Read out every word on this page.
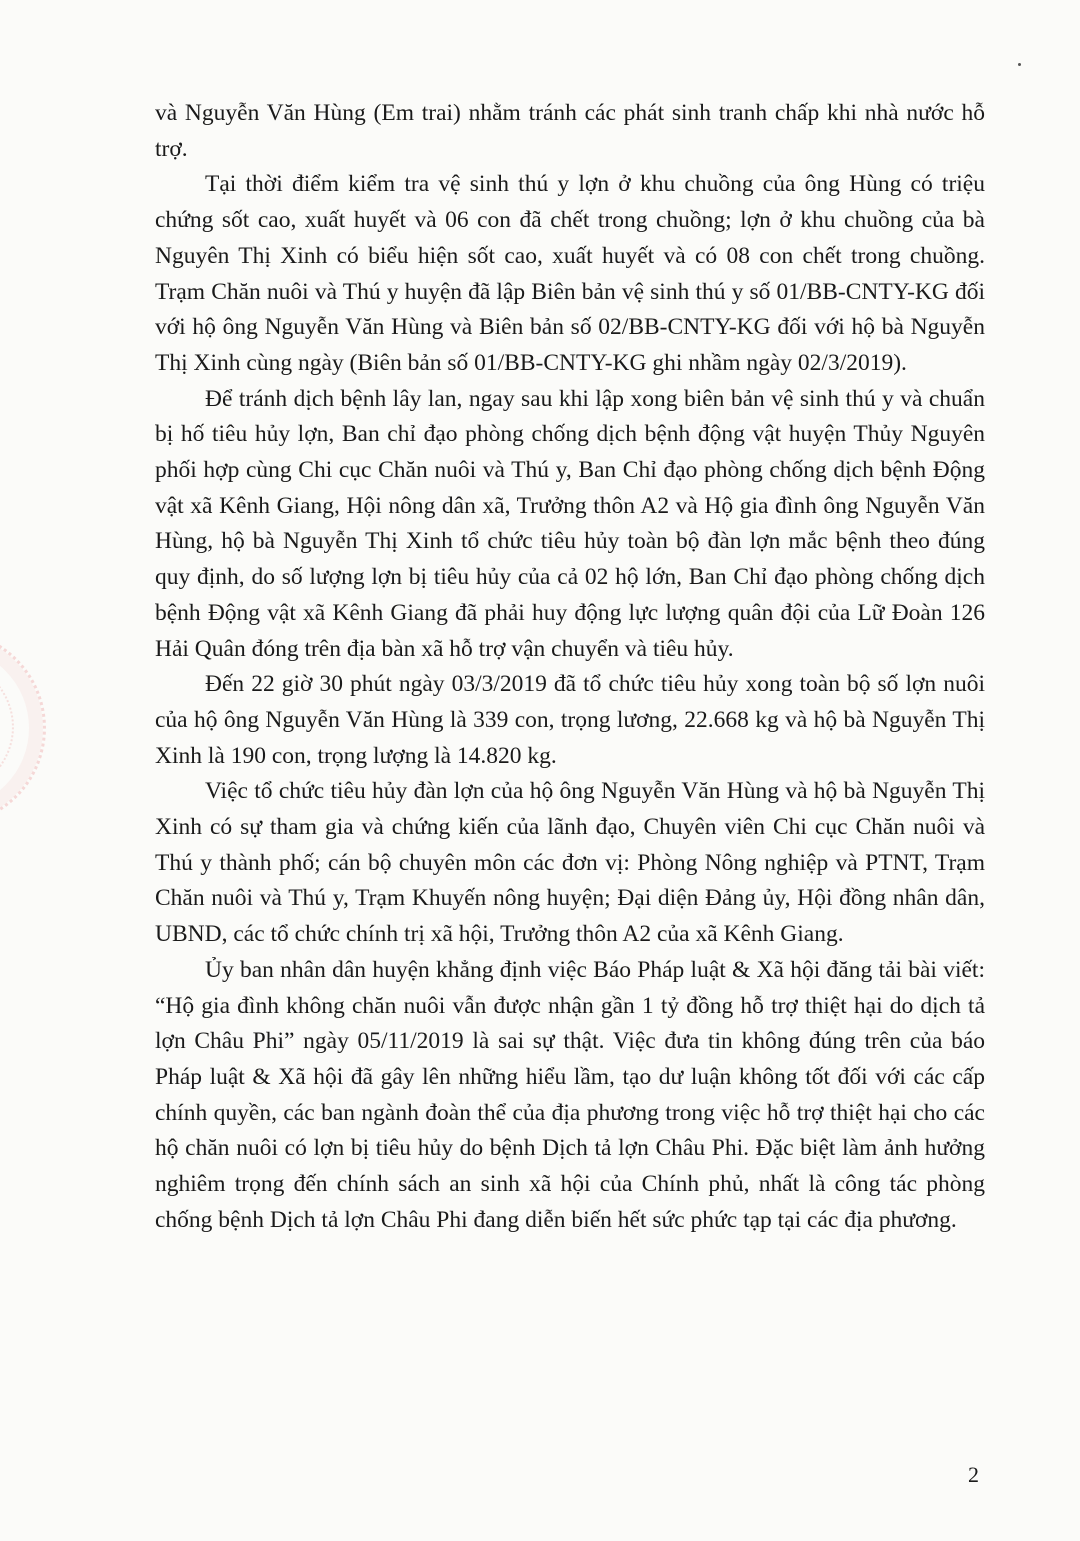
và Nguyễn Văn Hùng (Em trai) nhằm tránh các phát sinh tranh chấp khi nhà nước hỗ trợ.

Tại thời điểm kiểm tra vệ sinh thú y lợn ở khu chuồng của ông Hùng có triệu chứng sốt cao, xuất huyết và 06 con đã chết trong chuồng; lợn ở khu chuồng của bà Nguyên Thị Xinh có biểu hiện sốt cao, xuất huyết và có 08 con chết trong chuồng. Trạm Chăn nuôi và Thú y huyện đã lập Biên bản vệ sinh thú y số 01/BB-CNTY-KG đối với hộ ông Nguyễn Văn Hùng và Biên bản số 02/BB-CNTY-KG đối với hộ bà Nguyễn Thị Xinh cùng ngày (Biên bản số 01/BB-CNTY-KG ghi nhầm ngày 02/3/2019).

Để tránh dịch bệnh lây lan, ngay sau khi lập xong biên bản vệ sinh thú y và chuẩn bị hố tiêu hủy lợn, Ban chỉ đạo phòng chống dịch bệnh động vật huyện Thủy Nguyên phối hợp cùng Chi cục Chăn nuôi và Thú y, Ban Chỉ đạo phòng chống dịch bệnh Động vật xã Kênh Giang, Hội nông dân xã, Trưởng thôn A2 và Hộ gia đình ông Nguyễn Văn Hùng, hộ bà Nguyễn Thị Xinh tổ chức tiêu hủy toàn bộ đàn lợn mắc bệnh theo đúng quy định, do số lượng lợn bị tiêu hủy của cả 02 hộ lớn, Ban Chỉ đạo phòng chống dịch bệnh Động vật xã Kênh Giang đã phải huy động lực lượng quân đội của Lữ Đoàn 126 Hải Quân đóng trên địa bàn xã hỗ trợ vận chuyển và tiêu hủy.

Đến 22 giờ 30 phút ngày 03/3/2019 đã tổ chức tiêu hủy xong toàn bộ số lợn nuôi của hộ ông Nguyễn Văn Hùng là 339 con, trọng lương, 22.668 kg và hộ bà Nguyễn Thị Xinh là 190 con, trọng lượng là 14.820 kg.

Việc tổ chức tiêu hủy đàn lợn của hộ ông Nguyễn Văn Hùng và hộ bà Nguyễn Thị Xinh có sự tham gia và chứng kiến của lãnh đạo, Chuyên viên Chi cục Chăn nuôi và Thú y thành phố; cán bộ chuyên môn các đơn vị: Phòng Nông nghiệp và PTNT, Trạm Chăn nuôi và Thú y, Trạm Khuyến nông huyện; Đại diện Đảng ủy, Hội đồng nhân dân, UBND, các tổ chức chính trị xã hội, Trưởng thôn A2 của xã Kênh Giang.

Ủy ban nhân dân huyện khẳng định việc Báo Pháp luật & Xã hội đăng tải bài viết: “Hộ gia đình không chăn nuôi vẫn được nhận gần 1 tỷ đồng hỗ trợ thiệt hại do dịch tả lợn Châu Phi” ngày 05/11/2019 là sai sự thật. Việc đưa tin không đúng trên của báo Pháp luật & Xã hội đã gây lên những hiểu lầm, tạo dư luận không tốt đối với các cấp chính quyền, các ban ngành đoàn thể của địa phương trong việc hỗ trợ thiệt hại cho các hộ chăn nuôi có lợn bị tiêu hủy do bệnh Dịch tả lợn Châu Phi. Đặc biệt làm ảnh hưởng nghiêm trọng đến chính sách an sinh xã hội của Chính phủ, nhất là công tác phòng chống bệnh Dịch tả lợn Châu Phi đang diễn biến hết sức phức tạp tại các địa phương.

2
